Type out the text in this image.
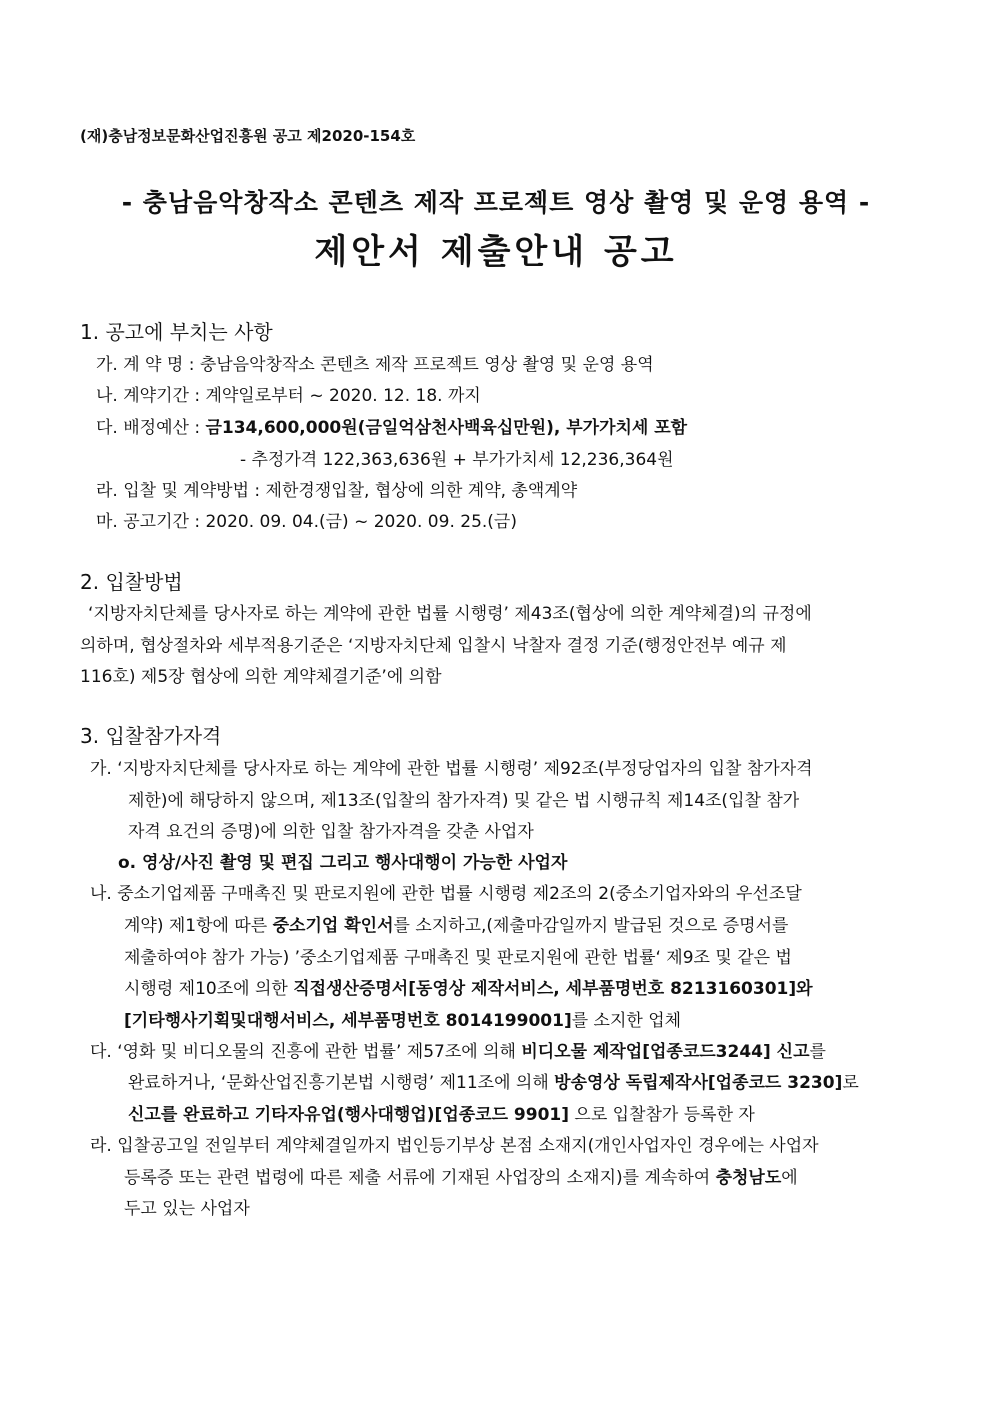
(재)충남정보문화산업진흥원 공고 제2020-154호
- 충남음악창작소 콘텐츠 제작 프로젝트 영상 촬영 및 운영 용역 -
제안서 제출안내 공고
1. 공고에 부치는 사항
가. 계 약 명 : 충남음악창작소 콘텐츠 제작 프로젝트 영상 촬영 및 운영 용역
나. 계약기간 : 계약일로부터 ~ 2020. 12. 18. 까지
다. 배정예산 : 금134,600,000원(금일억삼천사백육십만원), 부가가치세 포함
- 추정가격 122,363,636원 + 부가가치세 12,236,364원
라. 입찰 및 계약방법 : 제한경쟁입찰, 협상에 의한 계약, 총액계약
마. 공고기간 : 2020. 09. 04.(금) ~ 2020. 09. 25.(금)
2. 입찰방법
‘지방자치단체를 당사자로 하는 계약에 관한 법률 시행령’ 제43조(협상에 의한 계약체결)의 규정에
의하며, 협상절차와 세부적용기준은 ‘지방자치단체 입찰시 낙찰자 결정 기준(행정안전부 예규 제
116호) 제5장 협상에 의한 계약체결기준’에 의함
3. 입찰참가자격
가. ‘지방자치단체를 당사자로 하는 계약에 관한 법률 시행령’ 제92조(부정당업자의 입찰 참가자격
제한)에 해당하지 않으며, 제13조(입찰의 참가자격) 및 같은 법 시행규칙 제14조(입찰 참가
자격 요건의 증명)에 의한 입찰 참가자격을 갖춘 사업자
o. 영상/사진 촬영 및 편집 그리고 행사대행이 가능한 사업자
나. 중소기업제품 구매촉진 및 판로지원에 관한 법률 시행령 제2조의 2(중소기업자와의 우선조달
계약) 제1항에 따른 중소기업 확인서를 소지하고,(제출마감일까지 발급된 것으로 증명서를
제출하여야 참가 가능) ’중소기업제품 구매촉진 및 판로지원에 관한 법률‘ 제9조 및 같은 법
시행령 제10조에 의한 직접생산증명서[동영상 제작서비스, 세부품명번호 8213160301]와
[기타행사기획및대행서비스, 세부품명번호 8014199001]를 소지한 업체
다. ‘영화 및 비디오물의 진흥에 관한 법률’ 제57조에 의해 비디오물 제작업[업종코드3244] 신고를
완료하거나, ‘문화산업진흥기본법 시행령’ 제11조에 의해 방송영상 독립제작사[업종코드 3230]로
신고를 완료하고 기타자유업(행사대행업)[업종코드 9901] 으로 입찰참가 등록한 자
라. 입찰공고일 전일부터 계약체결일까지 법인등기부상 본점 소재지(개인사업자인 경우에는 사업자
등록증 또는 관련 법령에 따른 제출 서류에 기재된 사업장의 소재지)를 계속하여 충청남도에
두고 있는 사업자
